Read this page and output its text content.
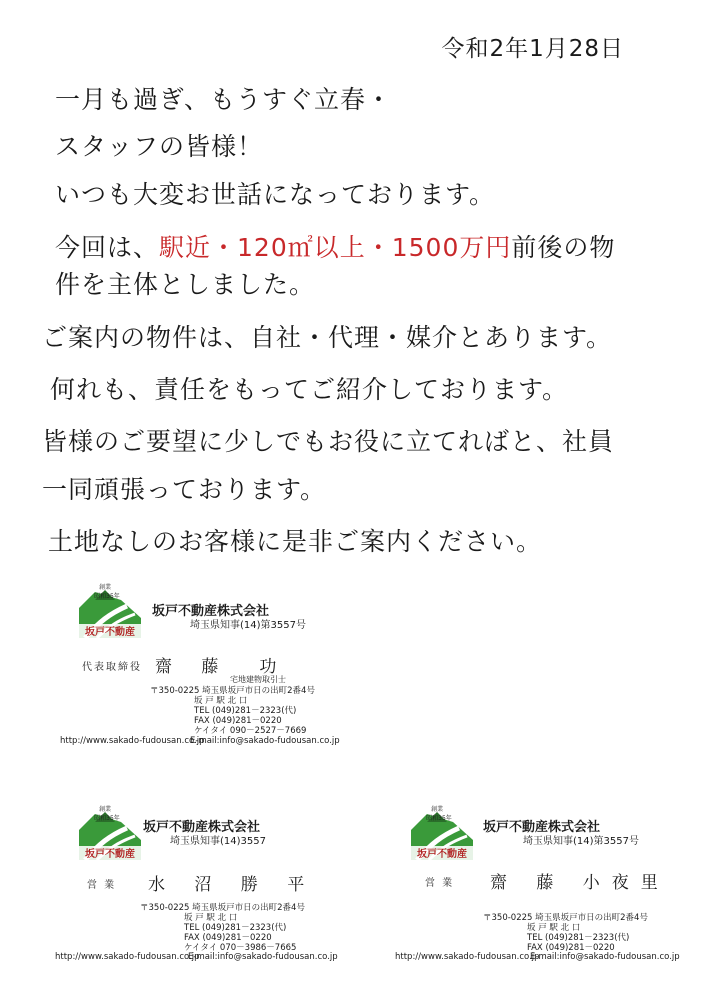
令和2年1月28日
一月も過ぎ、もうすぐ立春・
スタッフの皆様！
いつも大変お世話になっております。
今回は、駅近・120㎡以上・1500万円前後の物
件を主体としました。
ご案内の物件は、自社・代理・媒介とあります。
何れも、責任をもってご紹介しております。
皆様のご要望に少しでもお役に立てればと、社員
一同頑張っております。
土地なしのお客様に是非ご案内ください。
坂戸不動産
創業
昭和35年
坂戸不動産株式会社
埼玉県知事(14)第3557号
代表取締役 齋 藤　功
宅地建物取引士
〒350-0225 埼玉県坂戸市日の出町2番4号
坂 戸 駅 北 口
TEL (049)281－2323(代)
FAX (049)281－0220
ケイタイ 090－2527－7669
http://www.sakado-fudousan.co.jp
E-mail:info@sakado-fudousan.co.jp
坂戸不動産
創業
昭和35年
坂戸不動産株式会社
埼玉県知事(14)3557
営 業 水 沼 勝 平
〒350-0225 埼玉県坂戸市日の出町2番4号
坂 戸 駅 北 口
TEL (049)281－2323(代)
FAX (049)281－0220
ケイタイ 070－3986－7665
http://www.sakado-fudousan.co.jp
E-mail:info@sakado-fudousan.co.jp
坂戸不動産
創業
昭和35年
坂戸不動産株式会社
埼玉県知事(14)第3557号
営 業 齋 藤 小夜里
〒350-0225 埼玉県坂戸市日の出町2番4号
坂 戸 駅 北 口
TEL (049)281－2323(代)
FAX (049)281－0220
http://www.sakado-fudousan.co.jp
E-mail:info@sakado-fudousan.co.jp
